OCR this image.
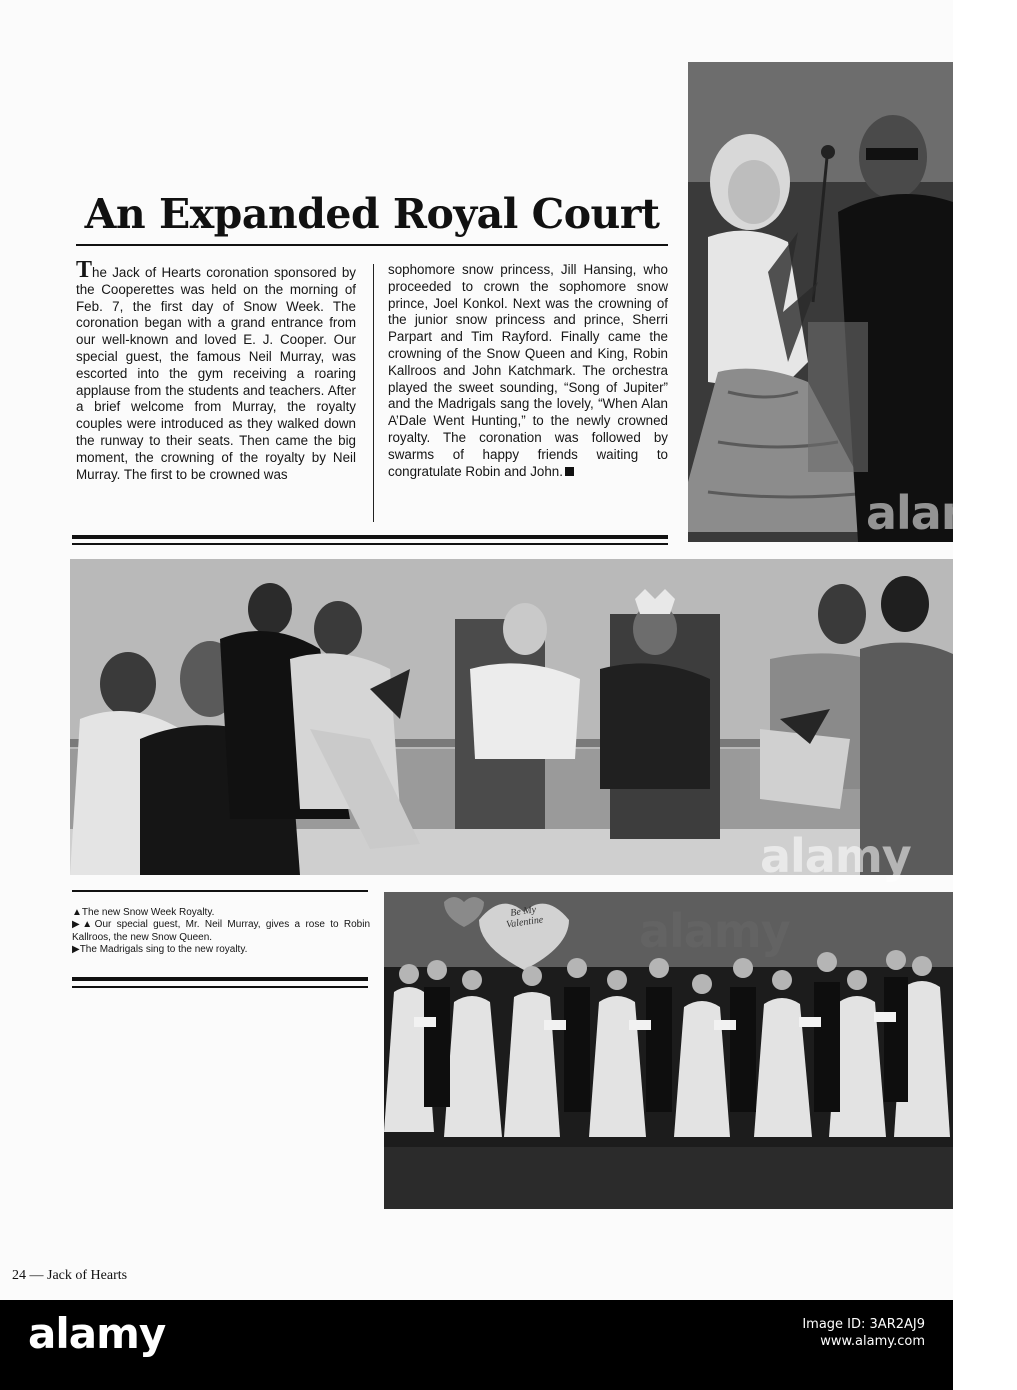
alamy
An Expanded Royal Court

The Jack of Hearts coronation sponsored by the Cooperettes was held on the morning of Feb. 7, the first day of Snow Week. The coronation began with a grand entrance from our well-known and loved E. J. Cooper. Our special guest, the famous Neil Murray, was escorted into the gym receiving a roaring applause from the students and teachers. After a brief welcome from Murray, the royalty couples were introduced as they walked down the runway to their seats. Then came the big moment, the crowning of the royalty by Neil Murray. The first to be crowned was

sophomore snow princess, Jill Hansing, who proceeded to crown the sophomore snow prince, Joel Konkol. Next was the crowning of the junior snow princess and prince, Sherri Parpart and Tim Rayford. Finally came the crowning of the Snow Queen and King, Robin Kallroos and John Katchmark. The orchestra played the sweet sounding, “Song of Jupiter” and the Madrigals sang the lovely, “When Alan A’Dale Went Hunting,” to the newly crowned royalty. The coronation was followed by swarms of happy friends waiting to congratulate Robin and John.

alamy

▲The new Snow Week Royalty.

▶▲Our special guest, Mr. Neil Murray, gives a rose to Robin Kallroos, the new Snow Queen.

▶The Madrigals sing to the new royalty.

Be My Valentine alamy

24 — Jack of Hearts

alamy	Image ID: 3AR2AJ9
www.alamy.com
